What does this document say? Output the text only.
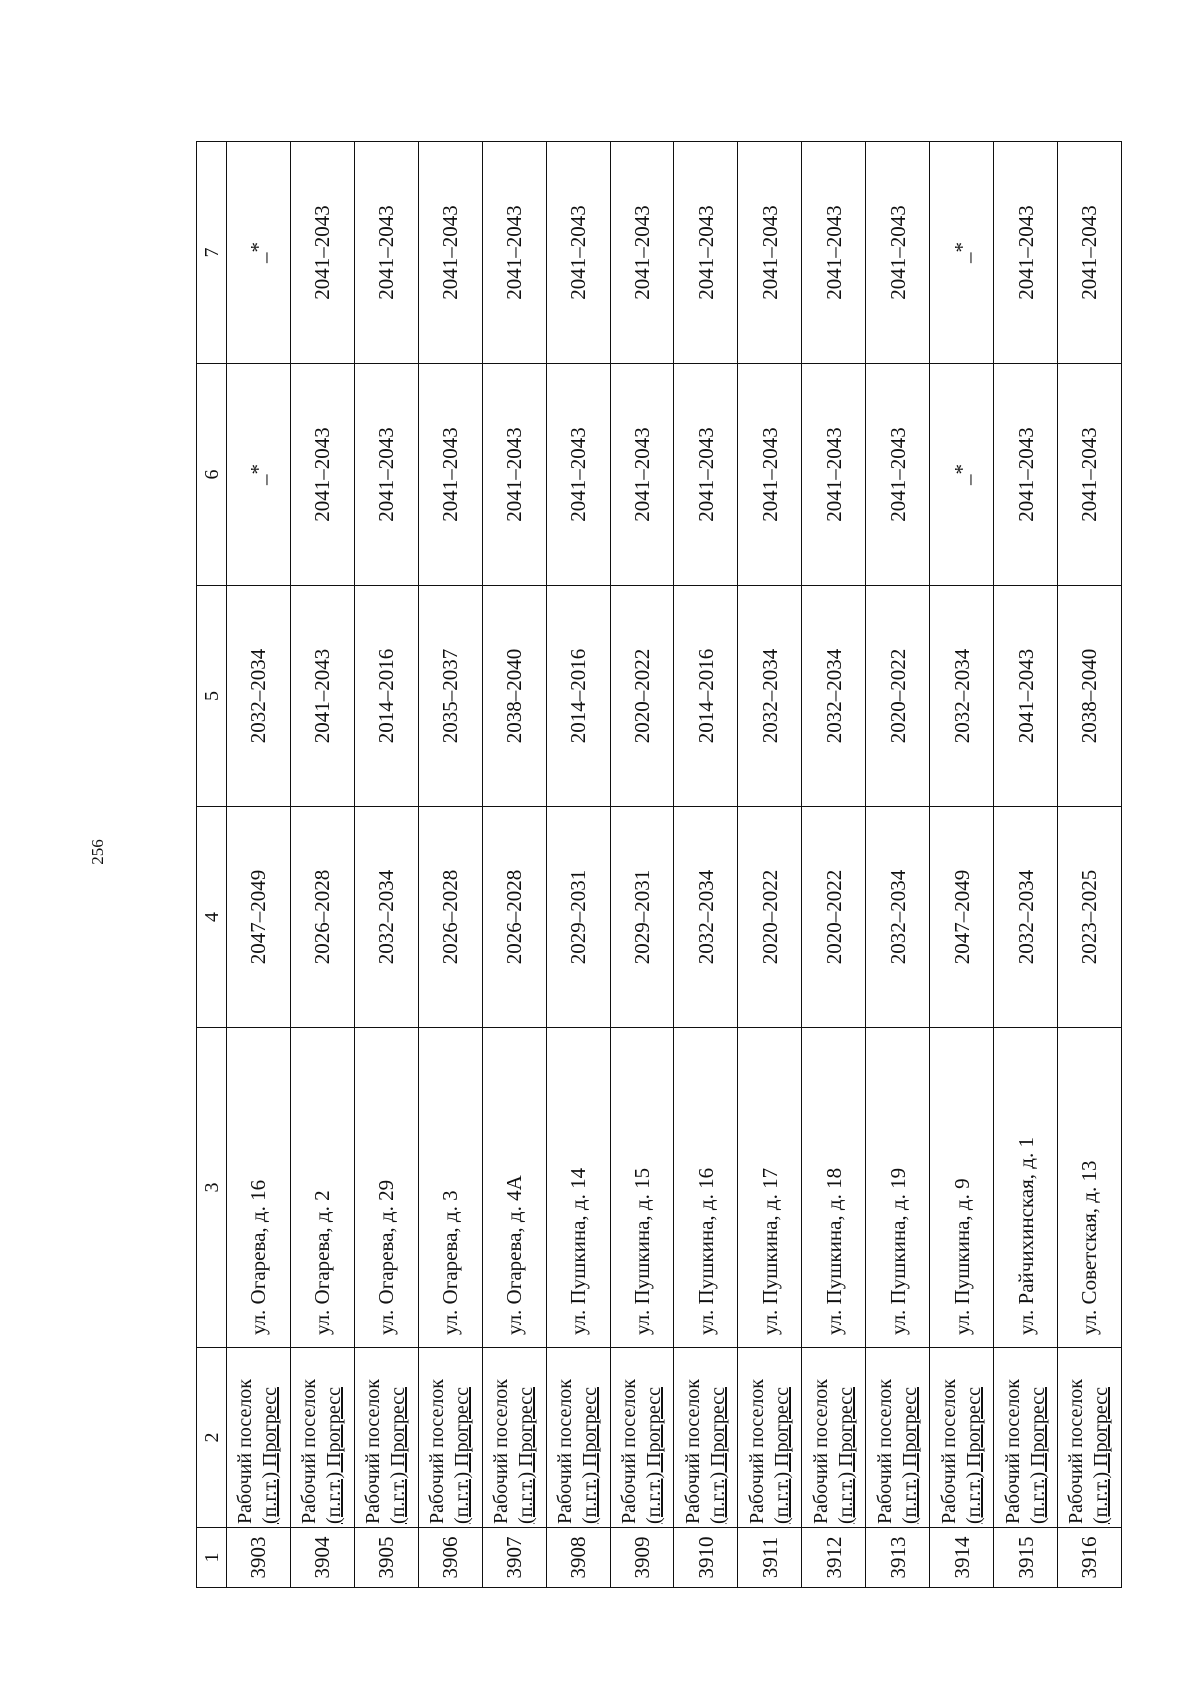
256
1	2	3	4	5	6	7
3903	Рабочий поселок (п.г.т.) Прогресс	ул. Огарева, д. 16	2047–2049	2032–2034	_*	_*
3904	Рабочий поселок (п.г.т.) Прогресс	ул. Огарева, д. 2	2026–2028	2041–2043	2041–2043	2041–2043
3905	Рабочий поселок (п.г.т.) Прогресс	ул. Огарева, д. 29	2032–2034	2014–2016	2041–2043	2041–2043
3906	Рабочий поселок (п.г.т.) Прогресс	ул. Огарева, д. 3	2026–2028	2035–2037	2041–2043	2041–2043
3907	Рабочий поселок (п.г.т.) Прогресс	ул. Огарева, д. 4А	2026–2028	2038–2040	2041–2043	2041–2043
3908	Рабочий поселок (п.г.т.) Прогресс	ул. Пушкина, д. 14	2029–2031	2014–2016	2041–2043	2041–2043
3909	Рабочий поселок (п.г.т.) Прогресс	ул. Пушкина, д. 15	2029–2031	2020–2022	2041–2043	2041–2043
3910	Рабочий поселок (п.г.т.) Прогресс	ул. Пушкина, д. 16	2032–2034	2014–2016	2041–2043	2041–2043
3911	Рабочий поселок (п.г.т.) Прогресс	ул. Пушкина, д. 17	2020–2022	2032–2034	2041–2043	2041–2043
3912	Рабочий поселок (п.г.т.) Прогресс	ул. Пушкина, д. 18	2020–2022	2032–2034	2041–2043	2041–2043
3913	Рабочий поселок (п.г.т.) Прогресс	ул. Пушкина, д. 19	2032–2034	2020–2022	2041–2043	2041–2043
3914	Рабочий поселок (п.г.т.) Прогресс	ул. Пушкина, д. 9	2047–2049	2032–2034	_*	_*
3915	Рабочий поселок (п.г.т.) Прогресс	ул. Райчихинская, д. 1	2032–2034	2041–2043	2041–2043	2041–2043
3916	Рабочий поселок (п.г.т.) Прогресс	ул. Советская, д. 13	2023–2025	2038–2040	2041–2043	2041–2043
